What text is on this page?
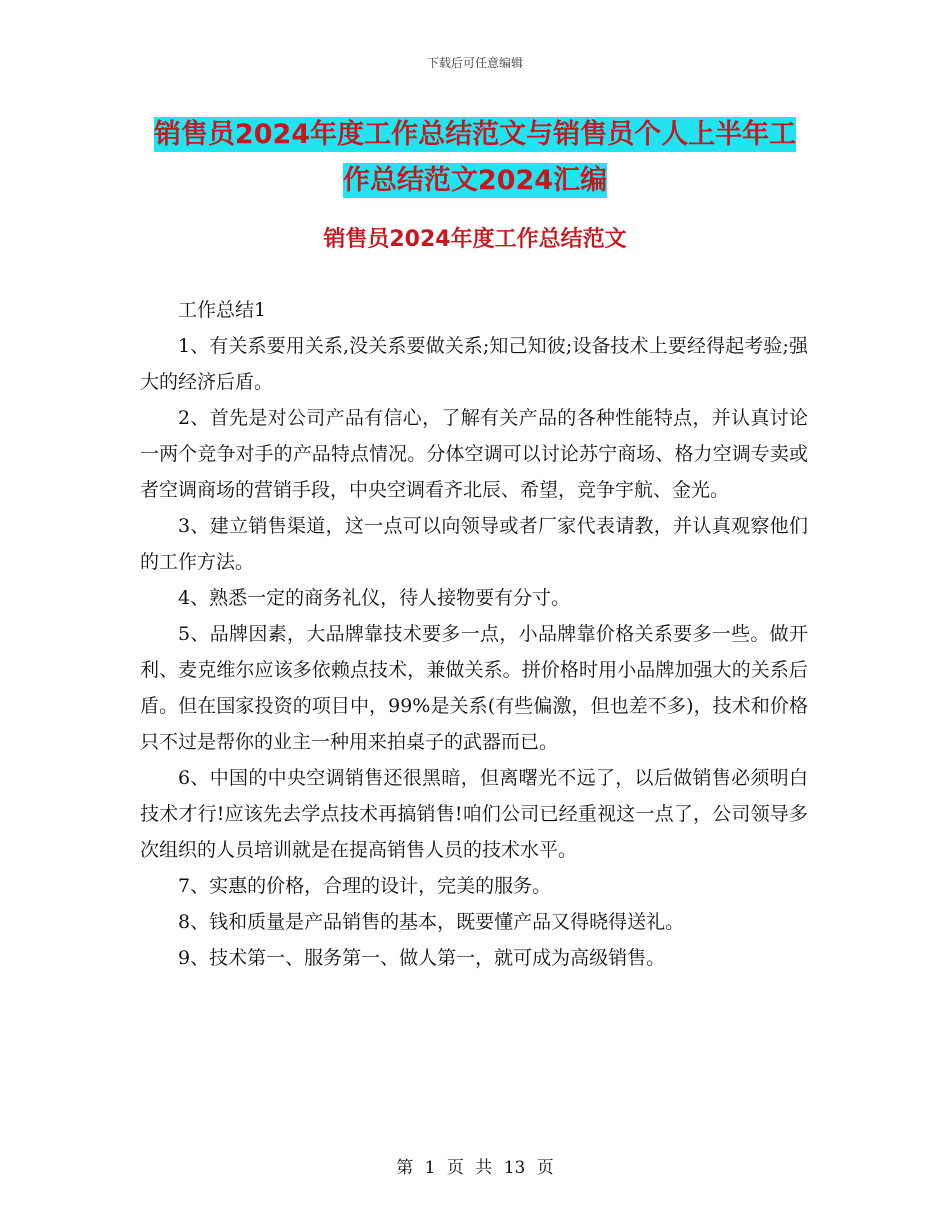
下载后可任意编辑
销售员2024年度工作总结范文与销售员个人上半年工
作总结范文2024汇编
销售员2024年度工作总结范文

工作总结1

1、有关系要用关系,没关系要做关系;知己知彼;设备技术上要经得起考验;强大的经济后盾。

2、首先是对公司产品有信心，了解有关产品的各种性能特点，并认真讨论一两个竞争对手的产品特点情况。分体空调可以讨论苏宁商场、格力空调专卖或者空调商场的营销手段，中央空调看齐北辰、希望，竞争宇航、金光。

3、建立销售渠道，这一点可以向领导或者厂家代表请教，并认真观察他们的工作方法。

4、熟悉一定的商务礼仪，待人接物要有分寸。

5、品牌因素，大品牌靠技术要多一点，小品牌靠价格关系要多一些。做开利、麦克维尔应该多依赖点技术，兼做关系。拼价格时用小品牌加强大的关系后盾。但在国家投资的项目中，99%是关系(有些偏激，但也差不多)，技术和价格只不过是帮你的业主一种用来拍桌子的武器而已。

6、中国的中央空调销售还很黑暗，但离曙光不远了，以后做销售必须明白技术才行!应该先去学点技术再搞销售!咱们公司已经重视这一点了，公司领导多次组织的人员培训就是在提高销售人员的技术水平。

7、实惠的价格，合理的设计，完美的服务。

8、钱和质量是产品销售的基本，既要懂产品又得晓得送礼。

9、技术第一、服务第一、做人第一，就可成为高级销售。

第 1 页 共 13 页
